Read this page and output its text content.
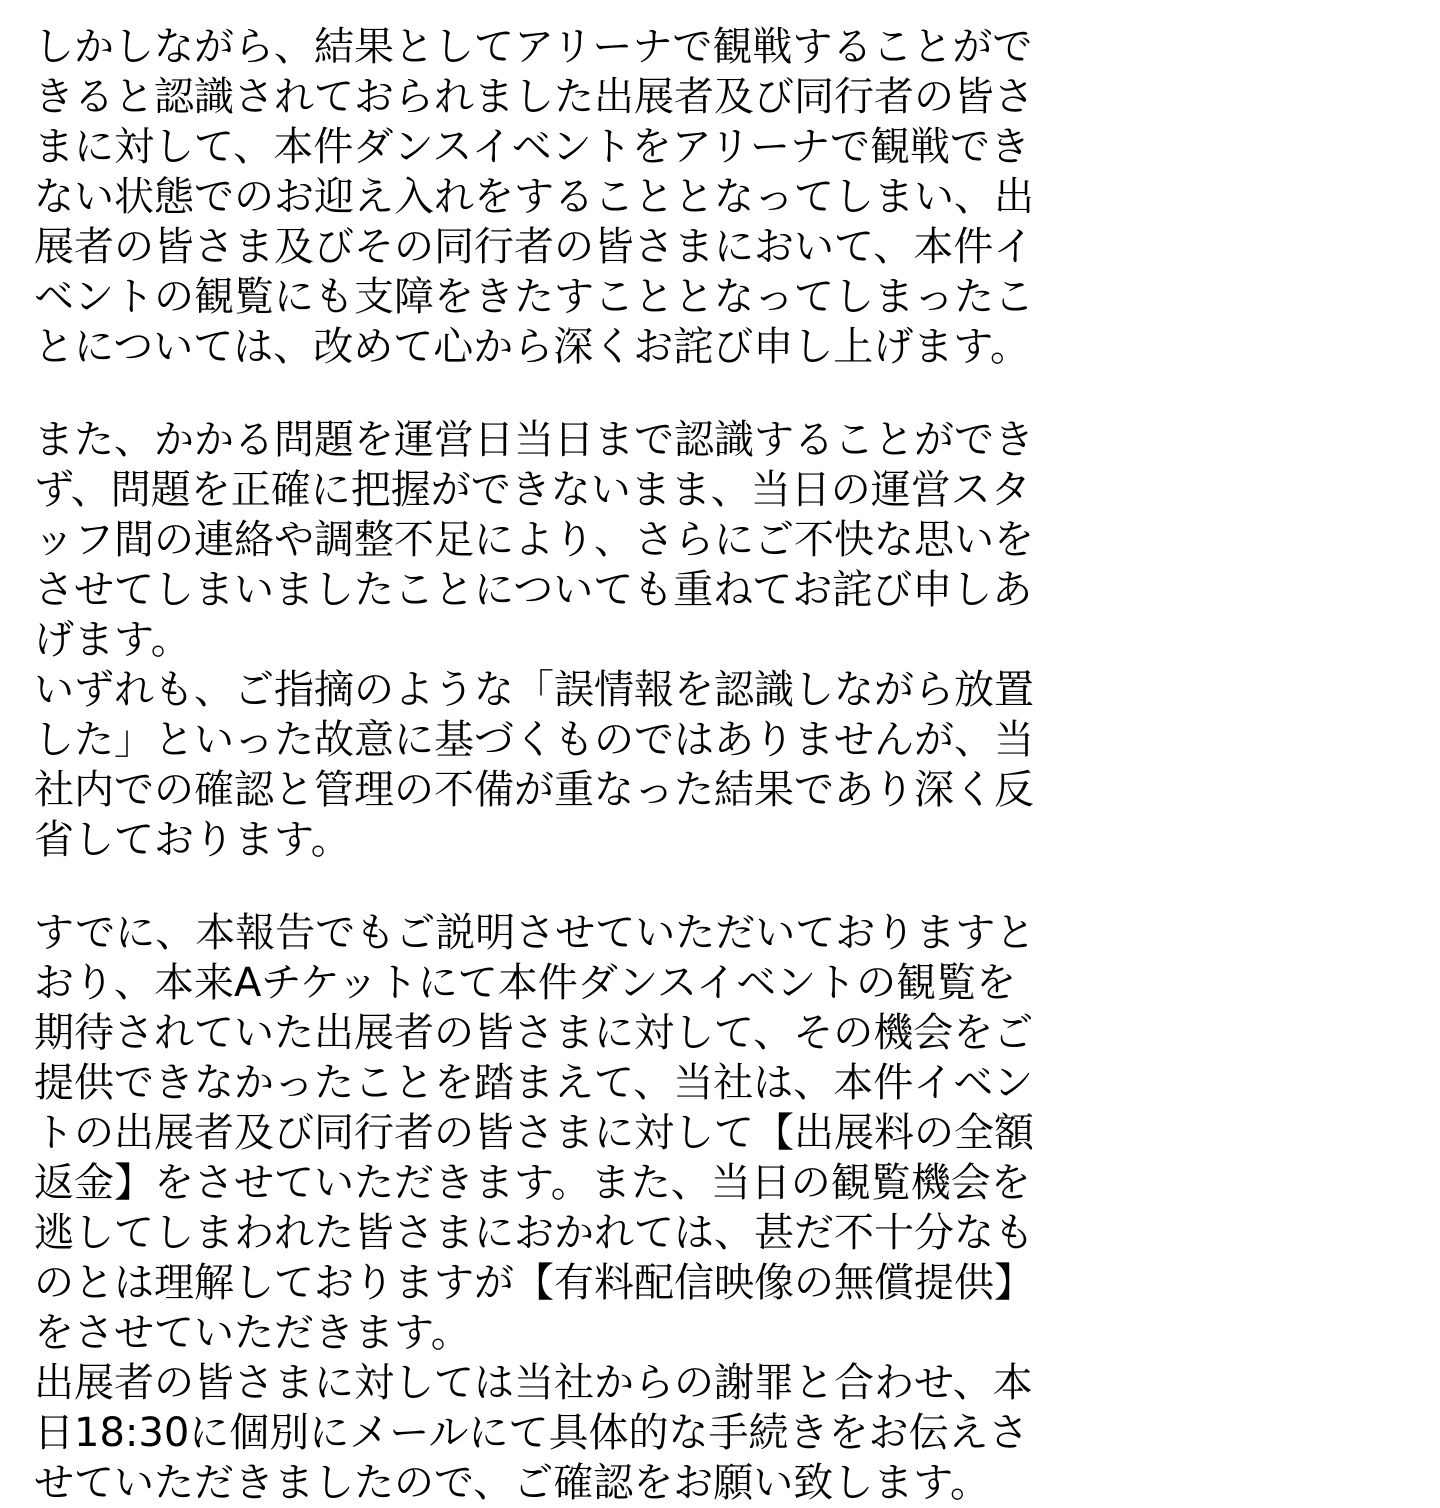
しかしながら、結果としてアリーナで観戦することがで
きると認識されておられました出展者及び同行者の皆さ
まに対して、本件ダンスイベントをアリーナで観戦でき
ない状態でのお迎え入れをすることとなってしまい、出
展者の皆さま及びその同行者の皆さまにおいて、本件イ
ベントの観覧にも支障をきたすこととなってしまったこ
とについては、改めて心から深くお詫び申し上げます。
また、かかる問題を運営日当日まで認識することができ
ず、問題を正確に把握ができないまま、当日の運営スタ
ッフ間の連絡や調整不足により、さらにご不快な思いを
させてしまいましたことについても重ねてお詫び申しあ
げます。
いずれも、ご指摘のような「誤情報を認識しながら放置
した」といった故意に基づくものではありませんが、当
社内での確認と管理の不備が重なった結果であり深く反
省しております。
すでに、本報告でもご説明させていただいておりますと
おり、本来Aチケットにて本件ダンスイベントの観覧を
期待されていた出展者の皆さまに対して、その機会をご
提供できなかったことを踏まえて、当社は、本件イベン
トの出展者及び同行者の皆さまに対して【出展料の全額
返金】をさせていただきます。また、当日の観覧機会を
逃してしまわれた皆さまにおかれては、甚だ不十分なも
のとは理解しておりますが【有料配信映像の無償提供】
をさせていただきます。
出展者の皆さまに対しては当社からの謝罪と合わせ、本
日18:30に個別にメールにて具体的な手続きをお伝えさ
せていただきましたので、ご確認をお願い致します。
